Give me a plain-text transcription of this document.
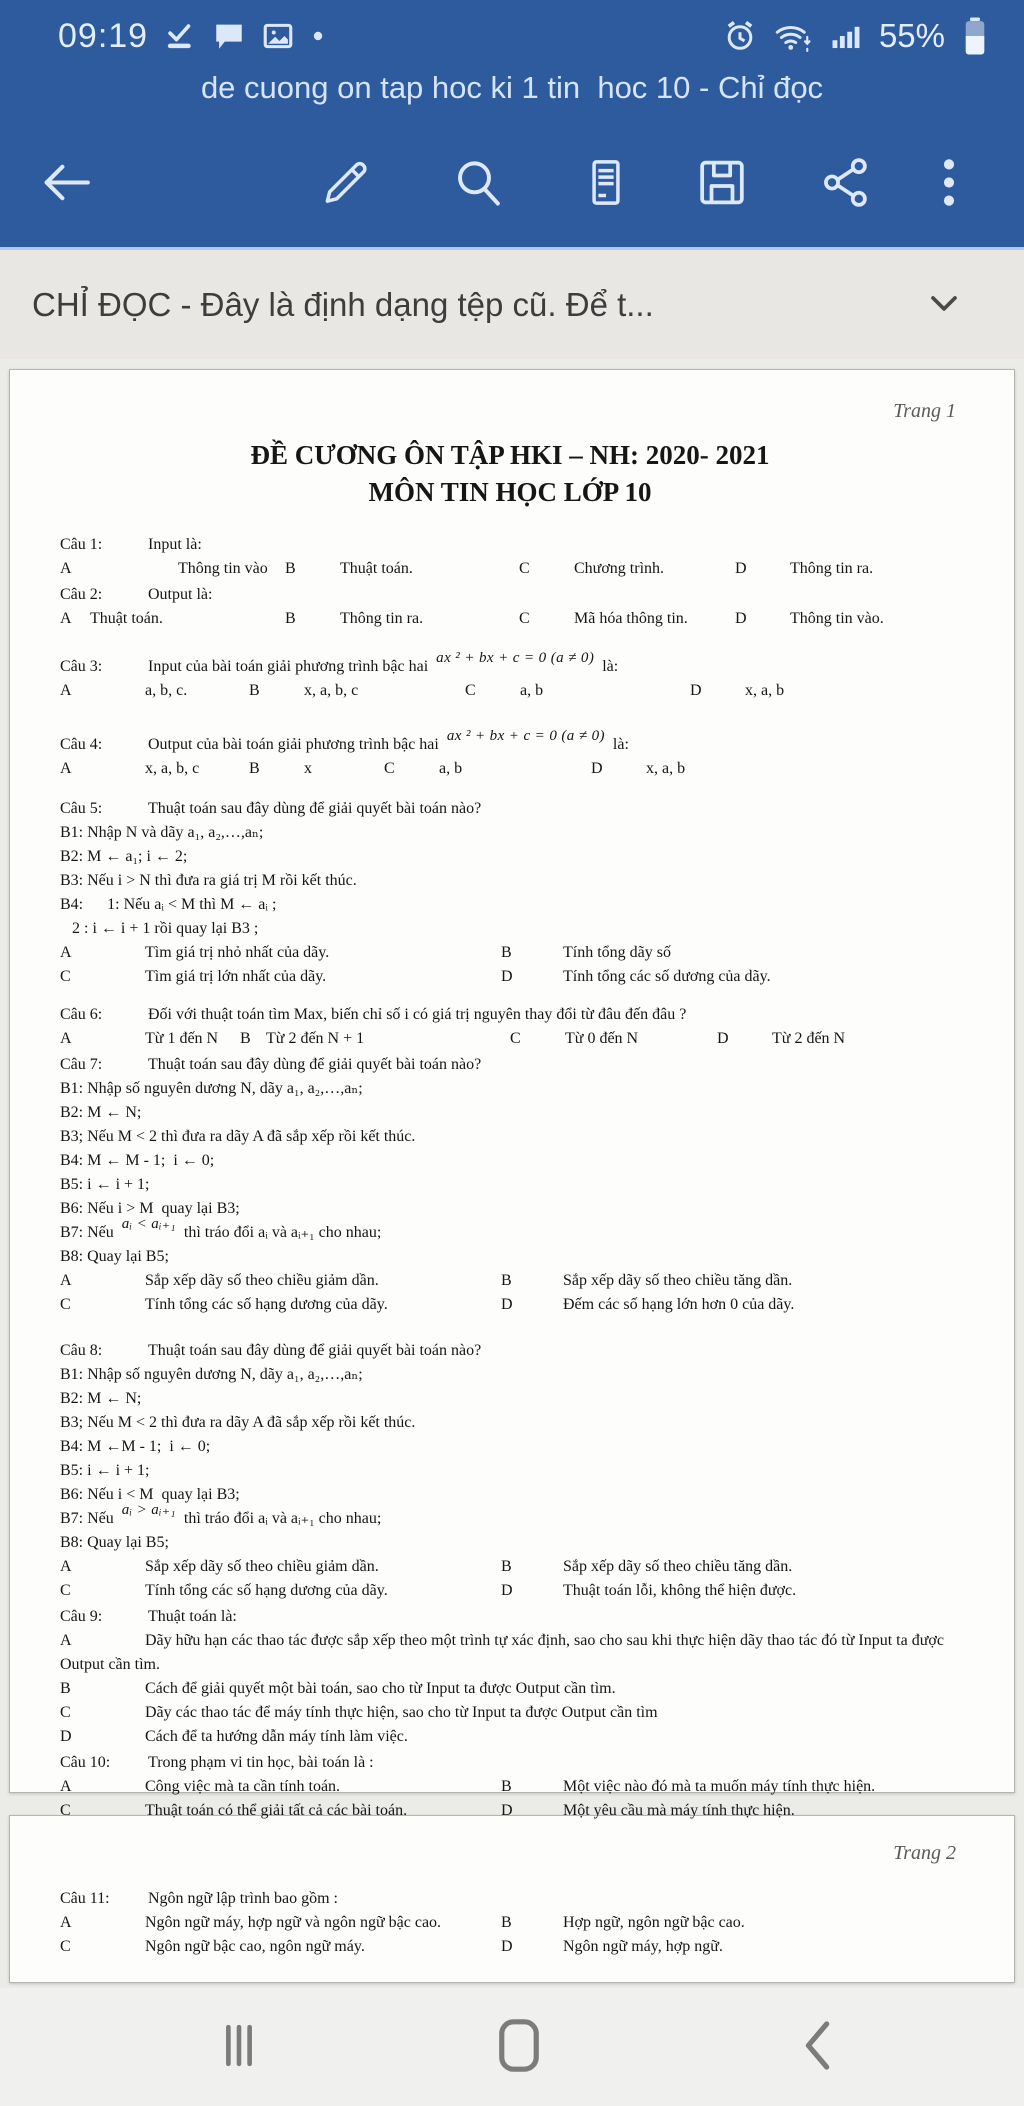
09:19	55%
de cuong on tap hoc ki 1 tin  hoc 10 - Chỉ đọc
CHỈ ĐỌC - Đây là định dạng tệp cũ. Để t...
Trang 1
ĐỀ CƯƠNG ÔN TẬP HKI – NH: 2020- 2021
MÔN TIN HỌC LỚP 10
Câu 1:	Input là:
A	Thông tin vào	B	Thuật toán.	C	Chương trình.	D	Thông tin ra.
Câu 2:	Output là:
A Thuật toán.	B	Thông tin ra.	C	Mã hóa thông tin.	D	Thông tin vào.
Câu 3:	Input của bài toán giải phương trình bậc hai ax ² + bx + c = 0 (a ≠ 0) là:
A	a, b, c.	B	x, a, b, c	C	a, b	D	x, a, b
Câu 4:	Output của bài toán giải phương trình bậc hai ax ² + bx + c = 0 (a ≠ 0) là:
A	x, a, b, c	B	x	C	a, b	D	x, a, b
Câu 5:	Thuật toán sau đây dùng để giải quyết bài toán nào?
B1: Nhập N và dãy a₁, a₂,…,aₙ;
B2: M ← a₁; i ← 2;
B3: Nếu i > N thì đưa ra giá trị M rồi kết thúc.
B4:      1: Nếu aᵢ < M thì M ← aᵢ ;
2 : i ← i + 1 rồi quay lại B3 ;
A	Tìm giá trị nhỏ nhất của dãy.	B	Tính tổng dãy số
C	Tìm giá trị lớn nhất của dãy.	D	Tính tổng các số dương của dãy.
Câu 6:	Đối với thuật toán tìm Max, biến chỉ số i có giá trị nguyên thay đổi từ đâu đến đâu ?
A	Từ 1 đến N	B Từ 2 đến N + 1	C	Từ 0 đến N	D	Từ 2 đến N
Câu 7:	Thuật toán sau đây dùng để giải quyết bài toán nào?
B1: Nhập số nguyên dương N, dãy a₁, a₂,…,aₙ;
B2: M ← N;
B3; Nếu M < 2 thì đưa ra dãy A đã sắp xếp rồi kết thúc.
B4: M ← M - 1;  i ← 0;
B5: i ← i + 1;
B6: Nếu i > M  quay lại B3;
B7: Nếu aᵢ < aᵢ₊₁ thì tráo đổi aᵢ và aᵢ₊₁ cho nhau;
B8: Quay lại B5;
A	Sắp xếp dãy số theo chiều giảm dần.	B	Sắp xếp dãy số theo chiều tăng dần.
C	Tính tổng các số hạng dương của dãy.	D	Đếm các số hạng lớn hơn 0 của dãy.
Câu 8:	Thuật toán sau đây dùng để giải quyết bài toán nào?
B1: Nhập số nguyên dương N, dãy a₁, a₂,…,aₙ;
B2: M ← N;
B3; Nếu M < 2 thì đưa ra dãy A đã sắp xếp rồi kết thúc.
B4: M ←M - 1;  i ← 0;
B5: i ← i + 1;
B6: Nếu i < M  quay lại B3;
B7: Nếu aᵢ > aᵢ₊₁ thì tráo đổi aᵢ và aᵢ₊₁ cho nhau;
B8: Quay lại B5;
A	Sắp xếp dãy số theo chiều giảm dần.	B	Sắp xếp dãy số theo chiều tăng dần.
C	Tính tổng các số hạng dương của dãy.	D	Thuật toán lỗi, không thể hiện được.
Câu 9:	Thuật toán là:
A	Dãy hữu hạn các thao tác được sắp xếp theo một trình tự xác định, sao cho sau khi thực hiện dãy thao tác đó từ Input ta được Output cần tìm.
B	Cách để giải quyết một bài toán, sao cho từ Input ta được Output cần tìm.
C	Dãy các thao tác để máy tính thực hiện, sao cho từ Input ta được Output cần tìm
D	Cách để ta hướng dẫn máy tính làm việc.
Câu 10: Trong phạm vi tin học, bài toán là :
A	Công việc mà ta cần tính toán.	B	Một việc nào đó mà ta muốn máy tính thực hiện.
C	Thuật toán có thể giải tất cả các bài toán.	D	Một yêu cầu mà máy tính thực hiện.
Trang 2
Câu 11: Ngôn ngữ lập trình bao gồm :
A	Ngôn ngữ máy, hợp ngữ và ngôn ngữ bậc cao.	B	Hợp ngữ, ngôn ngữ bậc cao.
C	Ngôn ngữ bậc cao, ngôn ngữ máy.	D	Ngôn ngữ máy, hợp ngữ.
